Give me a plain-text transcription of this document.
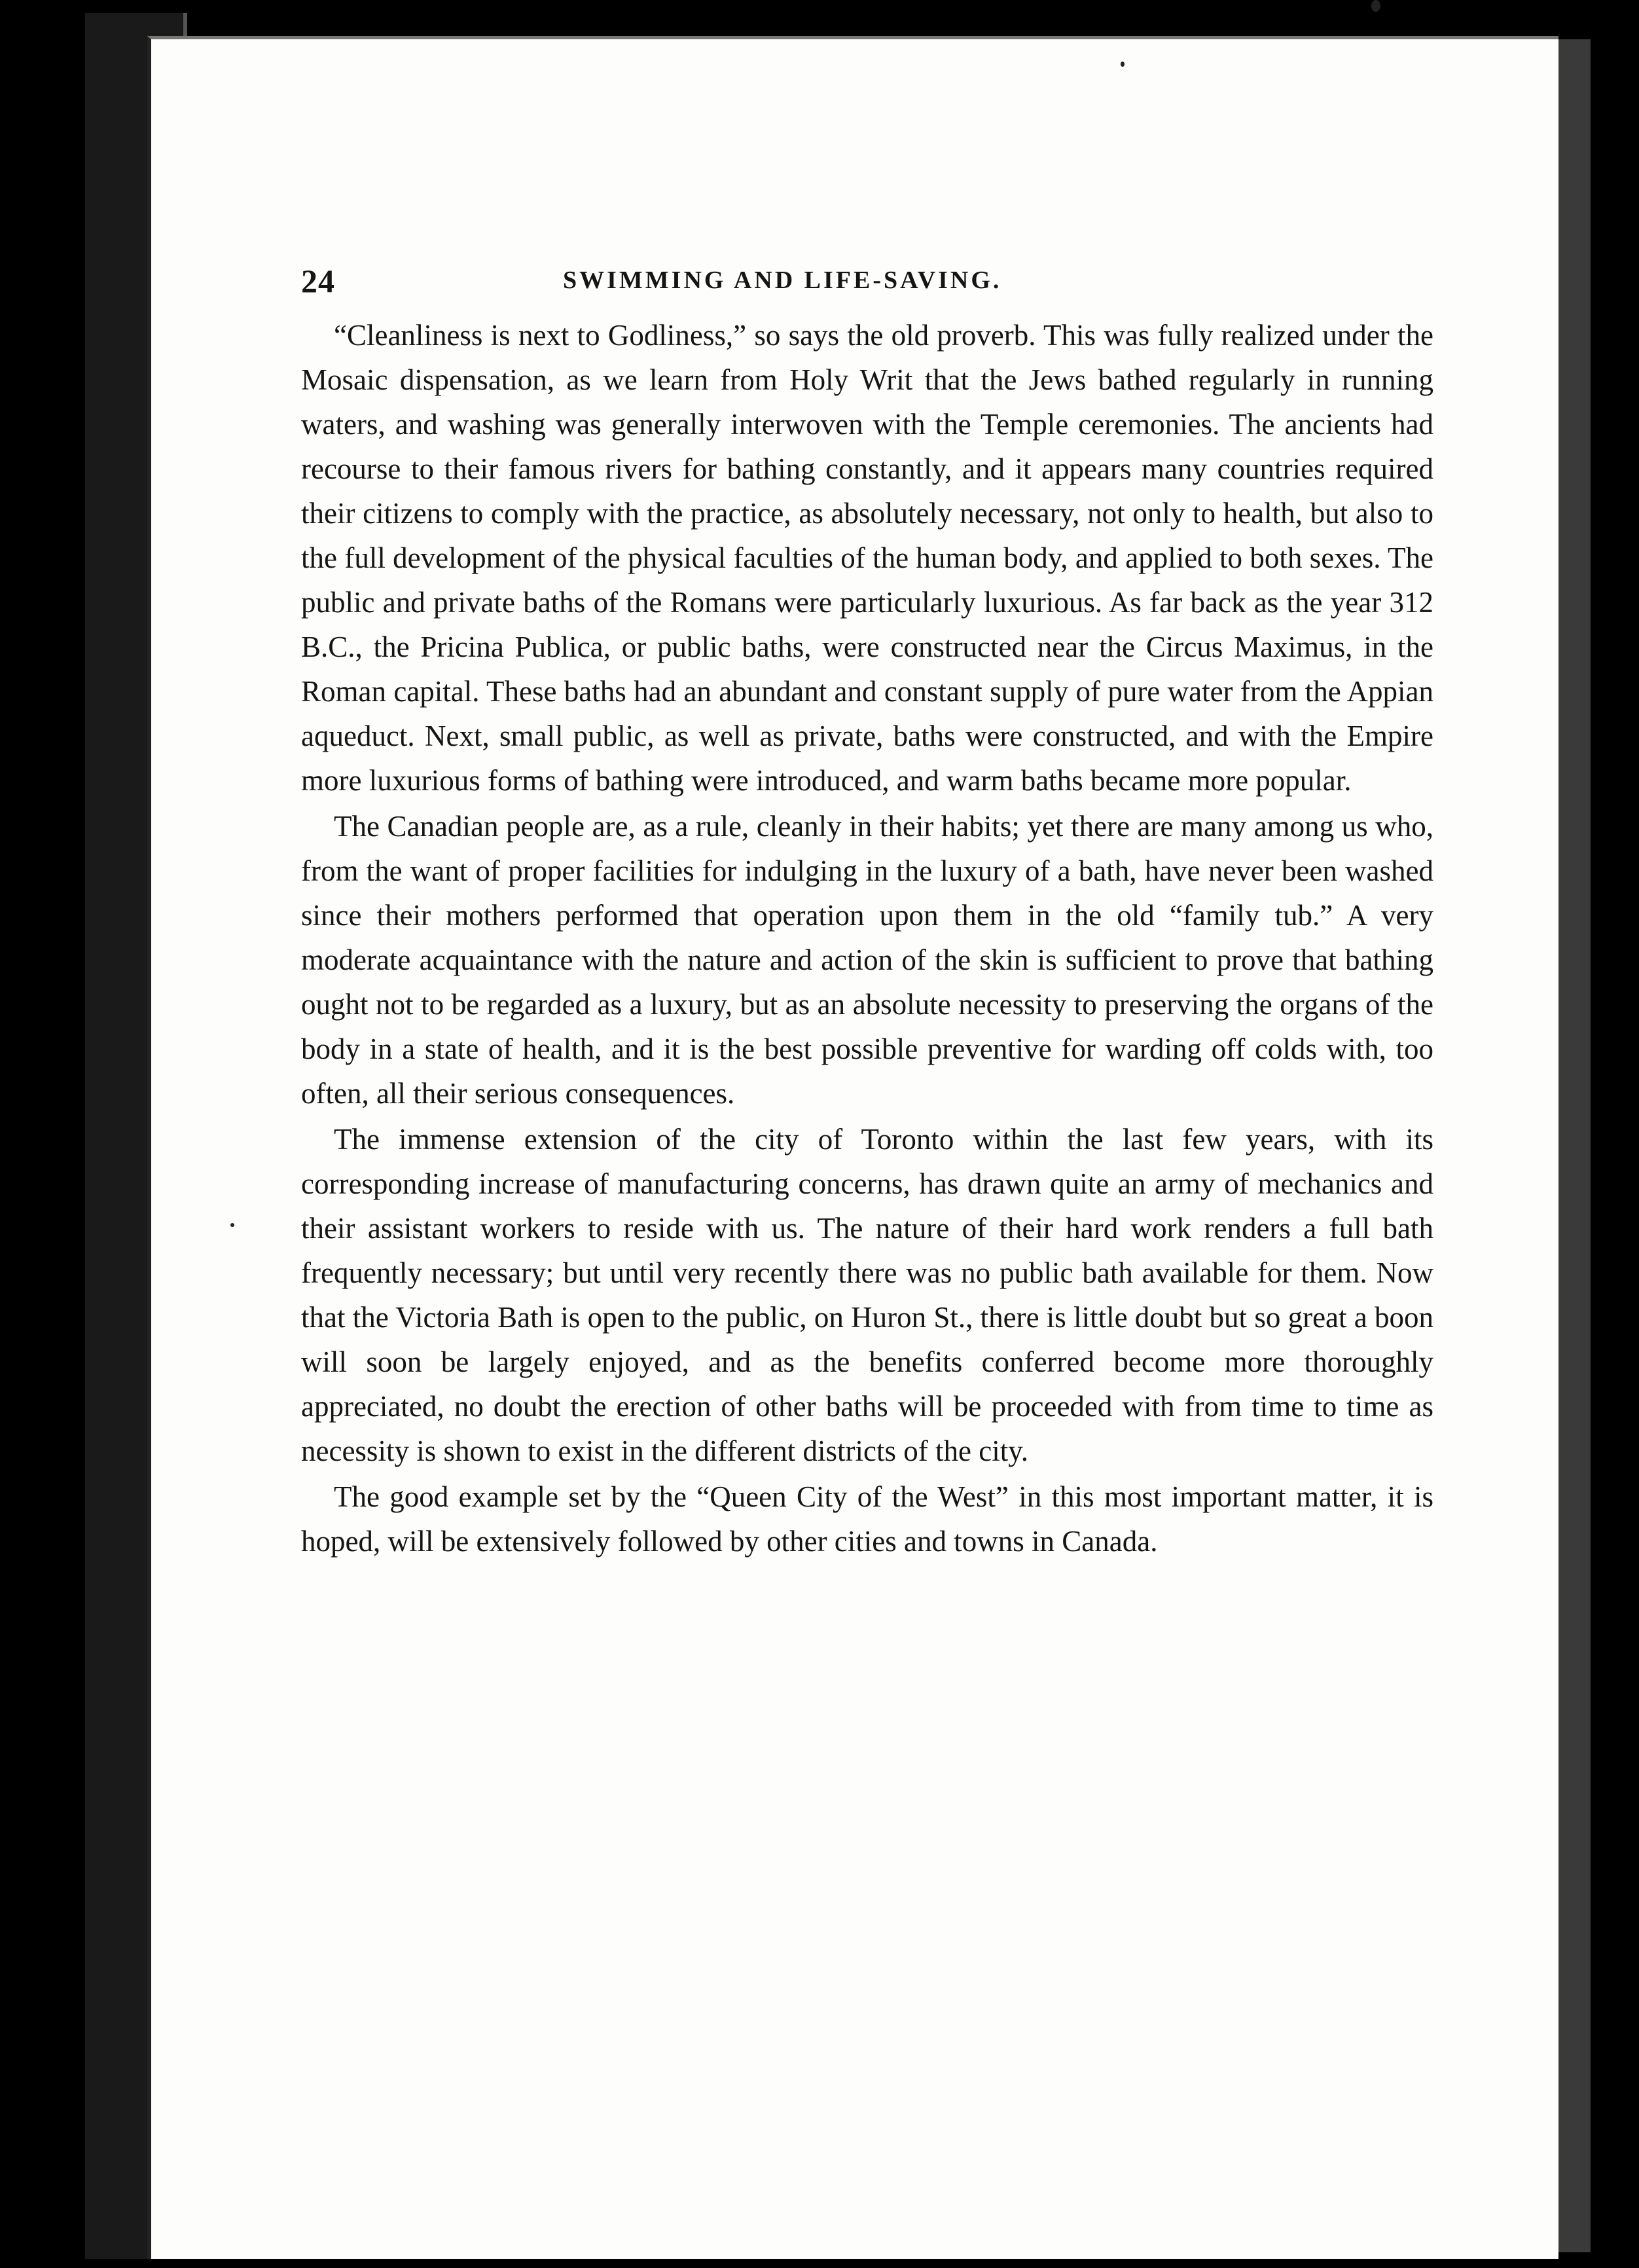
24	SWIMMING AND LIFE-SAVING.

“Cleanliness is next to Godliness,” so says the old proverb. This was fully realized under the Mosaic dispensation, as we learn from Holy Writ that the Jews bathed regularly in running waters, and washing was generally interwoven with the Temple ceremonies. The ancients had recourse to their famous rivers for bathing constantly, and it appears many countries required their citizens to comply with the practice, as absolutely necessary, not only to health, but also to the full development of the physical faculties of the human body, and applied to both sexes. The public and private baths of the Romans were particularly luxurious. As far back as the year 312 B.C., the Pricina Publica, or public baths, were constructed near the Circus Maximus, in the Roman capital. These baths had an abundant and constant supply of pure water from the Appian aqueduct. Next, small public, as well as private, baths were constructed, and with the Empire more luxurious forms of bathing were introduced, and warm baths became more popular.

The Canadian people are, as a rule, cleanly in their habits; yet there are many among us who, from the want of proper facilities for indulging in the luxury of a bath, have never been washed since their mothers performed that operation upon them in the old “family tub.” A very moderate acquaintance with the nature and action of the skin is sufficient to prove that bathing ought not to be regarded as a luxury, but as an absolute necessity to preserving the organs of the body in a state of health, and it is the best possible preventive for warding off colds with, too often, all their serious consequences.

The immense extension of the city of Toronto within the last few years, with its corresponding increase of manufacturing concerns, has drawn quite an army of mechanics and their assistant workers to reside with us. The nature of their hard work renders a full bath frequently necessary; but until very recently there was no public bath available for them. Now that the Victoria Bath is open to the public, on Huron St., there is little doubt but so great a boon will soon be largely enjoyed, and as the benefits conferred become more thoroughly appreciated, no doubt the erection of other baths will be proceeded with from time to time as necessity is shown to exist in the different districts of the city.

The good example set by the “Queen City of the West” in this most important matter, it is hoped, will be extensively followed by other cities and towns in Canada.
